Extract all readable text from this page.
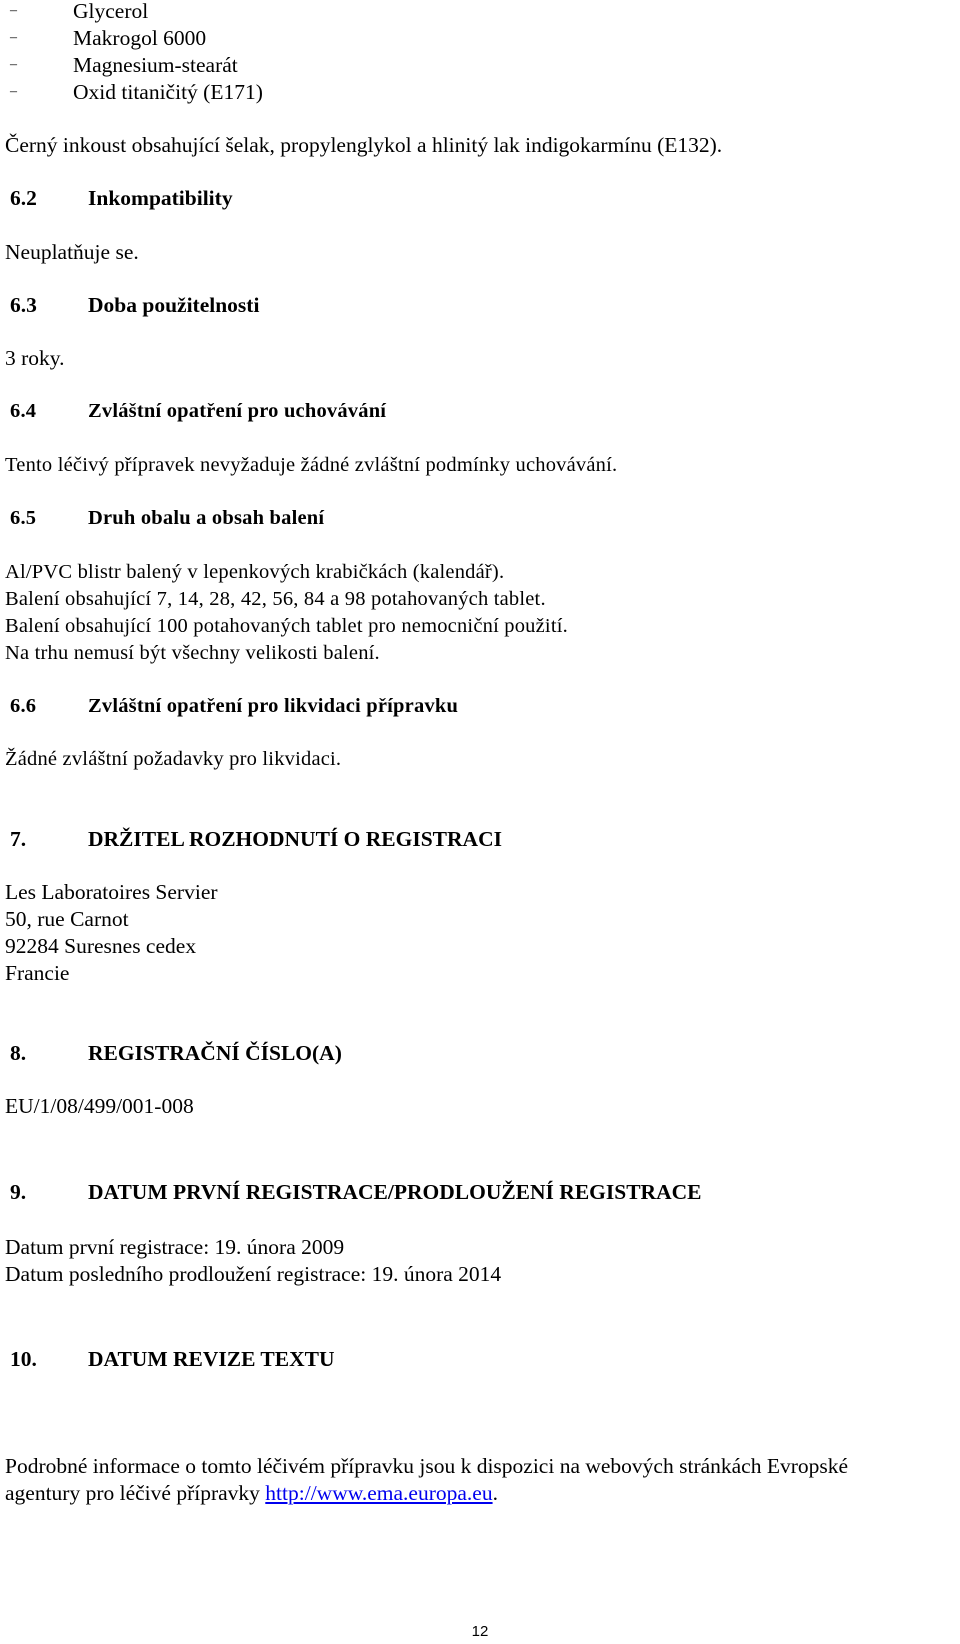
‒	Glycerol
‒	Makrogol 6000
‒	Magnesium-stearát
‒	Oxid titaničitý (E171)
Černý inkoust obsahující šelak, propylenglykol a hlinitý lak indigokarmínu (E132).
6.2 Inkompatibility
Neuplatňuje se.
6.3 Doba použitelnosti
3 roky.
6.4	Zvláštní opatření pro uchovávání
Tento léčivý přípravek nevyžaduje žádné zvláštní podmínky uchovávání.
6.5	Druh obalu a obsah balení
Al/PVC blistr balený v lepenkových krabičkách (kalendář).
Balení obsahující 7, 14, 28, 42, 56, 84 a 98 potahovaných tablet.
Balení obsahující 100 potahovaných tablet pro nemocniční použití.
Na trhu nemusí být všechny velikosti balení.
6.6	Zvláštní opatření pro likvidaci přípravku
Žádné zvláštní požadavky pro likvidaci.
7.	DRŽITEL ROZHODNUTÍ O REGISTRACI
Les Laboratoires Servier
50, rue Carnot
92284 Suresnes cedex
Francie
8.	REGISTRAČNÍ ČÍSLO(A)
EU/1/08/499/001-008
9.	DATUM PRVNÍ REGISTRACE/PRODLOUŽENÍ REGISTRACE
Datum první registrace: 19. února 2009
Datum posledního prodloužení registrace: 19. února 2014
10. DATUM REVIZE TEXTU
Podrobné informace o tomto léčivém přípravku jsou k dispozici na webových stránkách Evropské
agentury pro léčivé přípravky http://www.ema.europa.eu.
12
